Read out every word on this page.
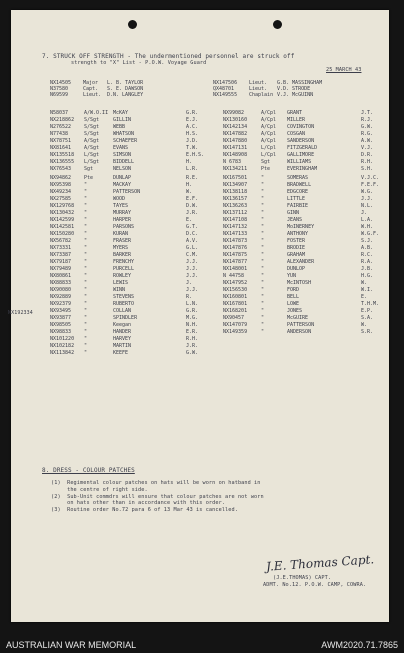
7. STRUCK OFF STRENGTH - The undermentioned personnel are struck off
strength to "X" List - P.O.W. Voyage Guard
25 MARCH 43
NX14505 Major L. B. TAYLOR	NX147506 Lieut. G.B. MASSINGHAM
N37580	Capt. S. E. DAWSON	QX48701	Lieut. V.D. STRODE
N69599	Lieut. D.N. LANGLEY	NX149555 Chaplain V.J. McGUINN
N58037	A/W.O.II McKAY	G.R.
NX218862 S/Sgt	GILLIN	E.J.
N276522	S/Sgt	WEBB	A.C.
N77438	S/Sgt	WHATSON	H.S.
NX78751	A/Sgt	SCHAEFER	J.D.
NX81641	A/Sgt	EVANS	T.W.
NX135518 L/Sgt	SIMSON	E.H.S.
NX136555 L/Sgt	BIDDELL	H.
NX76543	Sgt	NELSON	L.R.
NX94862	Pte	DUNLAP	R.E.
NX95398	"	MACKAY	H.
NX49234	"	PATTERSON	W.
NX27585	"	WOOD	E.F.
NX129768 "	TAYES	D.W.
NX130432 "	MURRAY	J.R.
NX142599 "	HARPER	E.
NX142581 "	PARSONS	G.T.
NX150280 "	KURAN	D.C.
NX56782	"	FRASER	A.V.
NX73331	"	MYERS	G.L.
NX73387	"	BARKER	C.M.
NX79187	"	FRENCHY	J.J.
NX79489	"	PURCELL	J.J.
NX80861	"	ROWLEY	J.J.
NX88833	"	LEWIS	J.
NX90080	"	WINN	J.J.
NX92889	"	STEVENS	R.
NX92379	"	RUBERTO	L.N.
NX93495	"	COLLAN	G.R.
NX93877	"	SPINDLER	M.G.
NX98505	"	Keegan	N.H.
NX98833	"	HANDER	E.R.
NX101220 "	HARVEY	R.H.
NX102182 "	MARTIN	J.R.
NX113842 "	KEEFE	G.W.
NX99082	A/Cpl GRANT	J.T.
NX130160	A/Cpl MILLER	R.J.
NX142134	A/Cpl COVINGTON	G.W.
NX147882	A/Cpl COSGAN	R.G.
NX147880	A/Cpl SANDERSON	A.W.
NX147131	L/Cpl FITZGERALD	V.J.
NX148908	L/Cpl GALLIMORE	D.R.
N 6783	Sgt	WILLIAMS	R.H.
NX134211	Pte	EVERINGHAM	S.H.
NX167501	"	SOMERAS	V.J.C.
NX134907	"	BRADWELL	F.E.F.
NX138118	"	EDGCORE	W.G.
NX136157	"	LITTLE	J.J.
NX136263	"	FAIRBIE	N.L.
NX137112	"	GINN	J.
NX147108	"	JEANS	L.A.
NX147132	"	MoINERNEY	W.H.
NX147133	"	ANTHONY	W.G.F.
NX147873	"	FOSTER	S.J.
NX147876	"	BRODIE	A.B.
NX147875	"	GRAHAM	R.C.
NX147877	"	ALEXANDER	R.A.
NX148001	"	DUNLOP	J.B.
N 44758	"	YUN	H.G.
NX147952	"	McINTOSH	W.
NX156530	"	FORD	W.I.
NX160801	"	BELL	E.
NX167801	"	LOWE	T.H.M.
NX168201	"	JONES	E.P.
NX90457	"	McGUIRE	S.A.
NX147079	"	PATTERSON	W.
NX149359	"	ANDERSON	S.R.
NX192334
8. DRESS - COLOUR PATCHES
(1)  Regimental colour patches on hats will be worn on hatband in
the centre of right side.
(2)  Sub-Unit commdrs will ensure that colour patches are not worn
on hats other than in accordance with this order.
(3)  Routine order No.72 para 6 of 13 Mar 43 is cancelled.
J.E. Thomas Capt.
(J.E.THOMAS) CAPT.
ADMT. No.12. P.O.W. CAMP, COWRA.
AUSTRALIAN WAR MEMORIAL	AWM2020.71.7865
